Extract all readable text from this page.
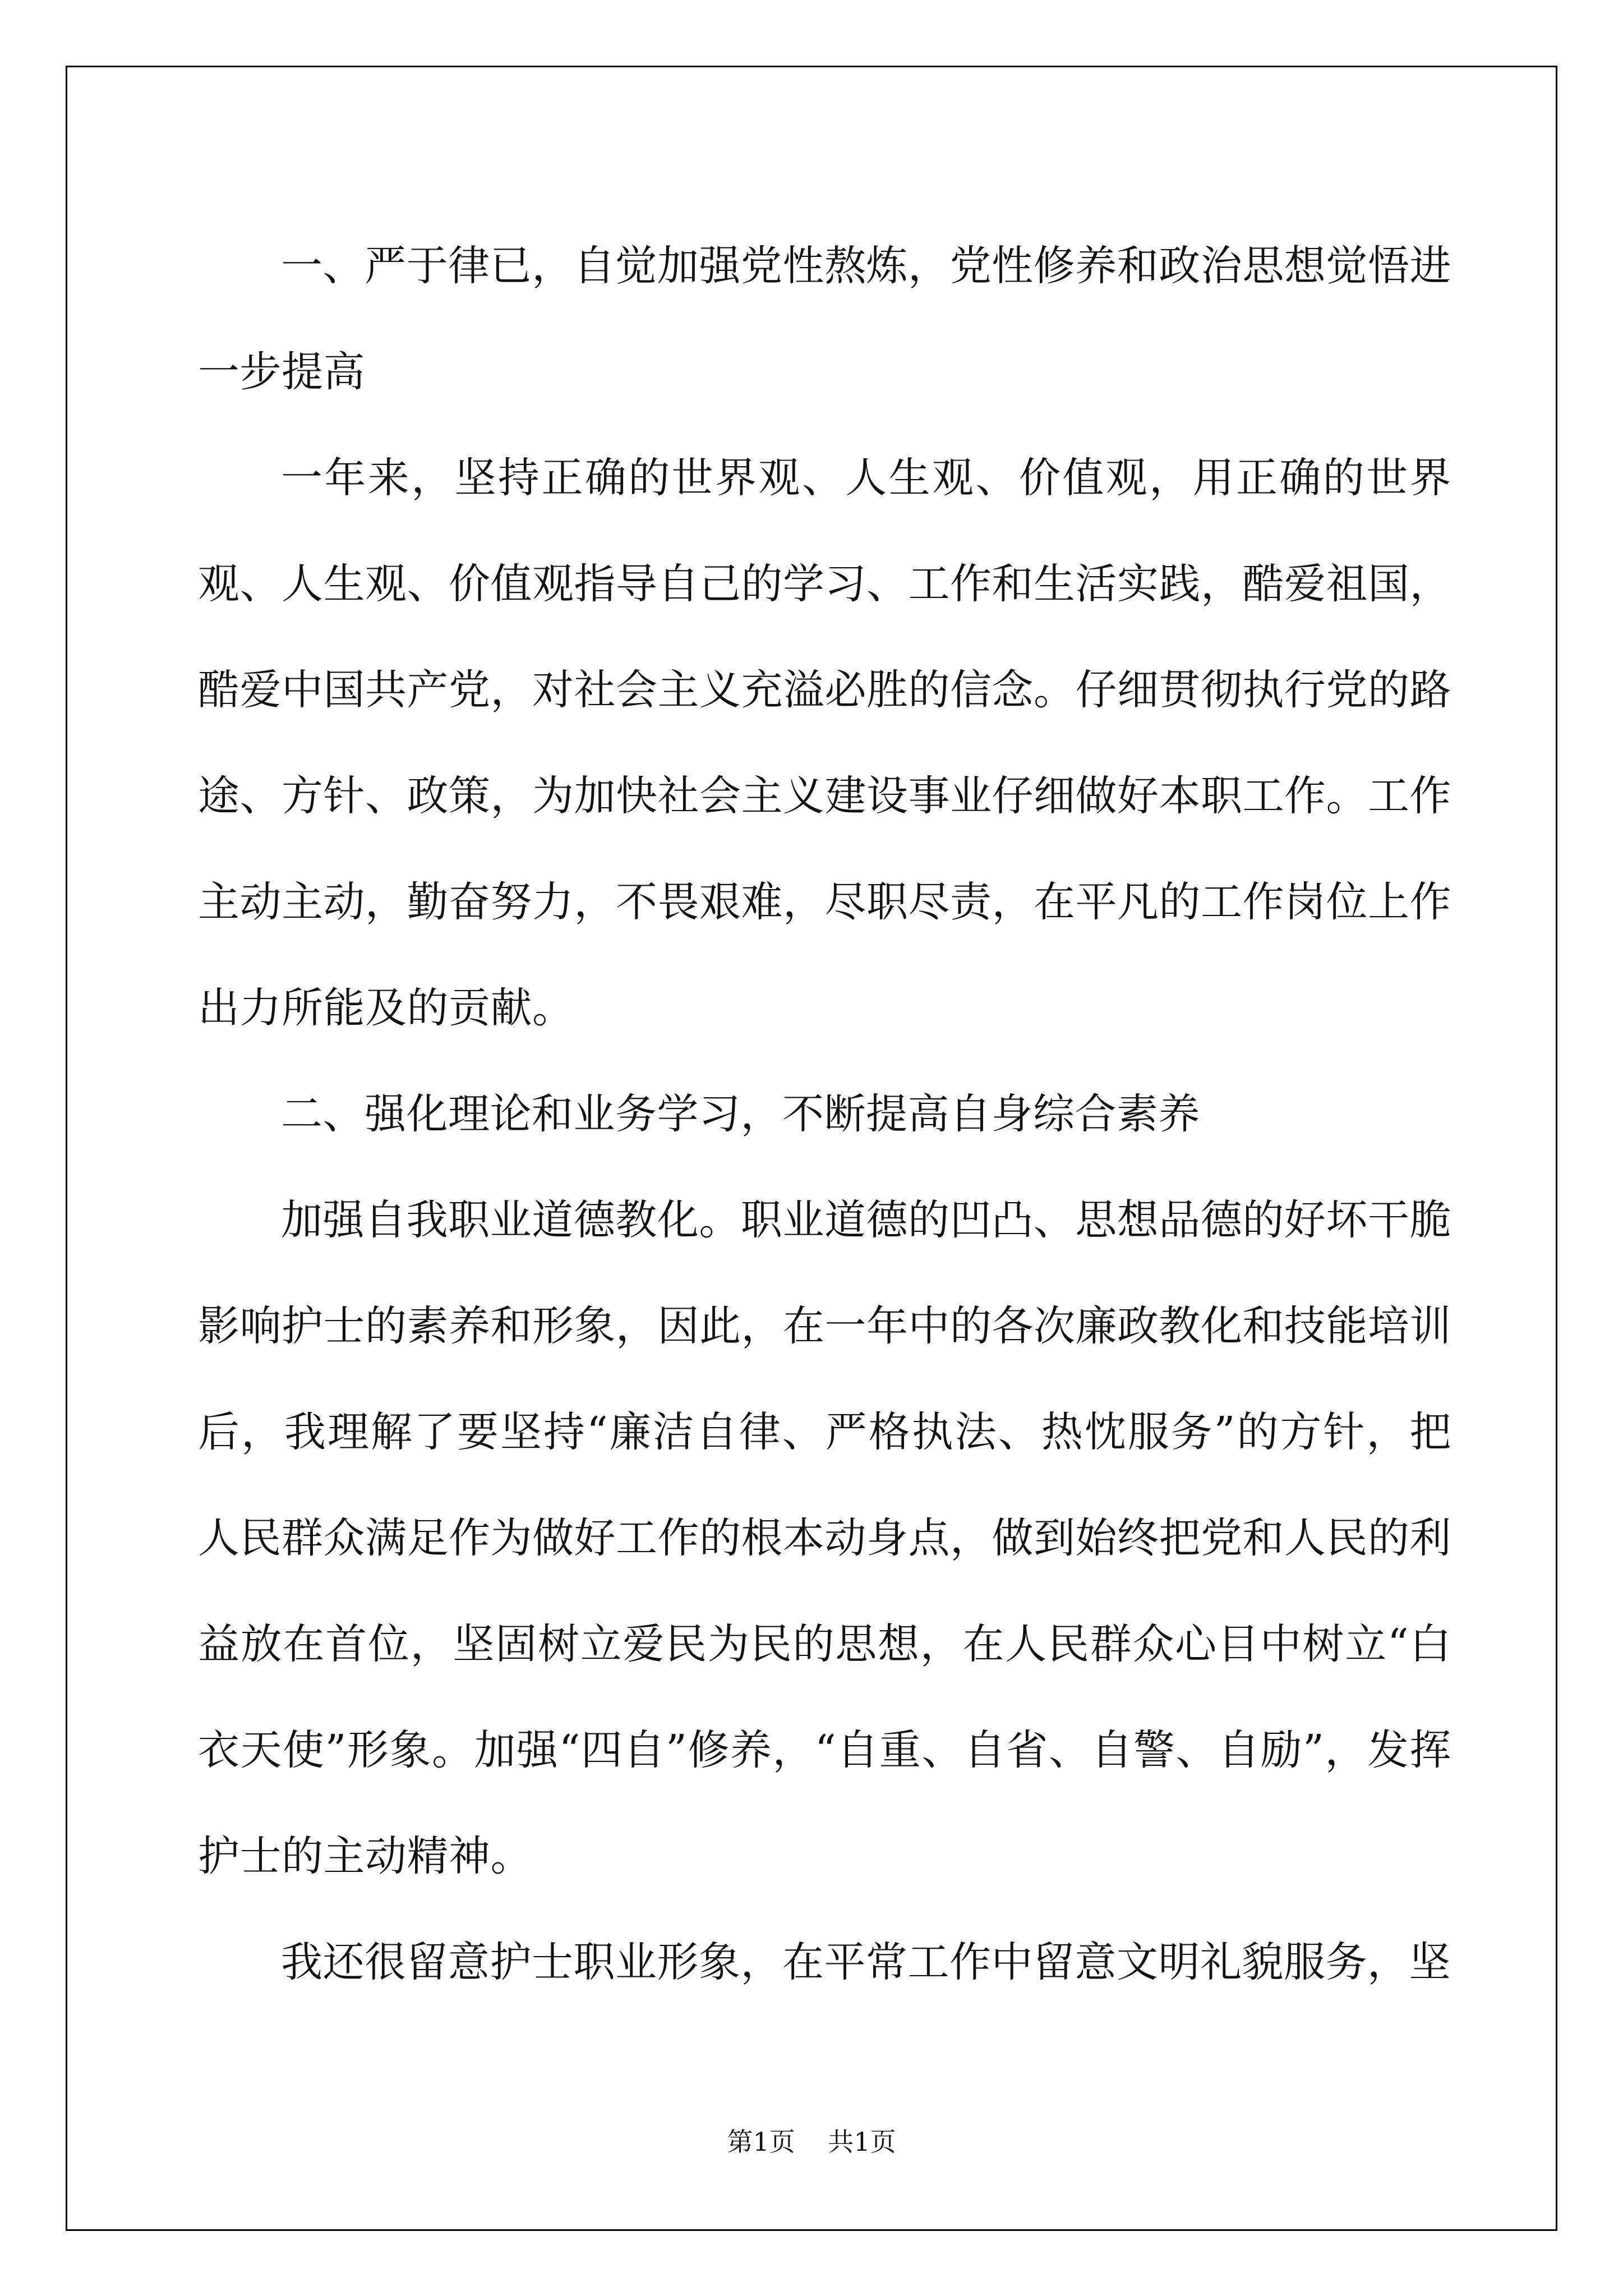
一、严于律已，自觉加强党性熬炼，党性修养和政治思想觉悟进一步提高

一年来，坚持正确的世界观、人生观、价值观，用正确的世界观、人生观、价值观指导自己的学习、工作和生活实践，酷爱祖国，酷爱中国共产党，对社会主义充溢必胜的信念。仔细贯彻执行党的路途、方针、政策，为加快社会主义建设事业仔细做好本职工作。工作主动主动，勤奋努力，不畏艰难，尽职尽责，在平凡的工作岗位上作出力所能及的贡献。

二、强化理论和业务学习，不断提高自身综合素养

加强自我职业道德教化。职业道德的凹凸、思想品德的好坏干脆影响护士的素养和形象，因此，在一年中的各次廉政教化和技能培训后，我理解了要坚持“廉洁自律、严格执法、热忱服务”的方针，把人民群众满足作为做好工作的根本动身点，做到始终把党和人民的利益放在首位，坚固树立爱民为民的思想，在人民群众心目中树立“白衣天使”形象。加强“四自”修养，“自重、自省、自警、自励”，发挥护士的主动精神。

我还很留意护士职业形象，在平常工作中留意文明礼貌服务，坚

第1页    共1页
